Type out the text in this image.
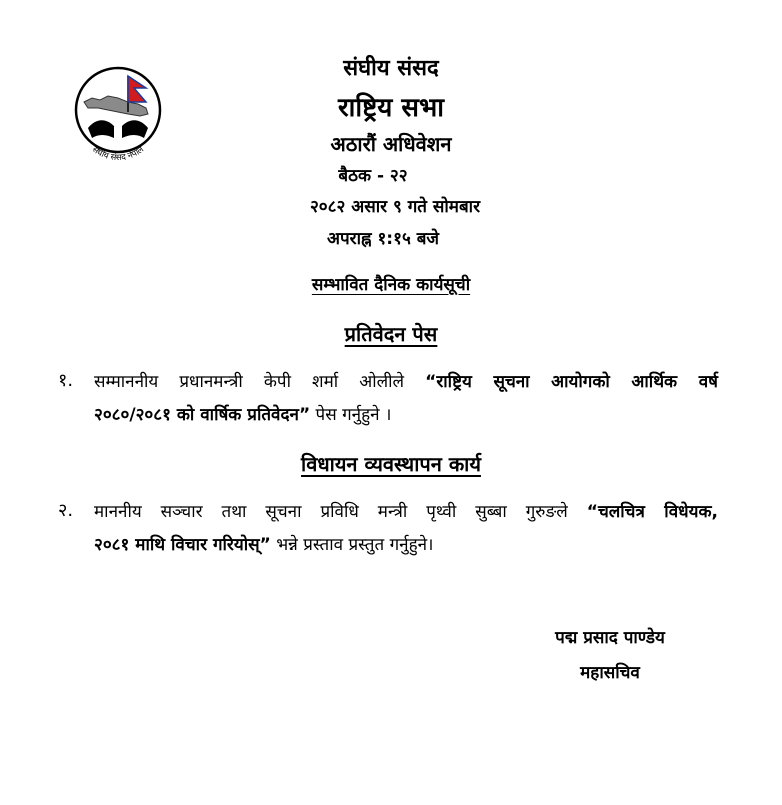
संघीय संसद नेपाल
संघीय संसद
राष्ट्रिय सभा
अठारौं अधिवेशन
बैठक - २२
२०८२ असार ९ गते सोमबार
अपराह्न १:१५ बजे
सम्भावित दैनिक कार्यसूची
प्रतिवेदन पेस
१. सम्माननीय प्रधानमन्त्री केपी शर्मा ओलीले “राष्ट्रिय सूचना आयोगको आर्थिक वर्ष
२०८०/२०८१ को वार्षिक प्रतिवेदन” पेस गर्नुहुने ।
विधायन व्यवस्थापन कार्य
२. माननीय सञ्चार तथा सूचना प्रविधि मन्त्री पृथ्वी सुब्बा गुरुङले “चलचित्र विधेयक,
२०८१ माथि विचार गरियोस्” भन्ने प्रस्ताव प्रस्तुत गर्नुहुने।
पद्म प्रसाद पाण्डेय
महासचिव
